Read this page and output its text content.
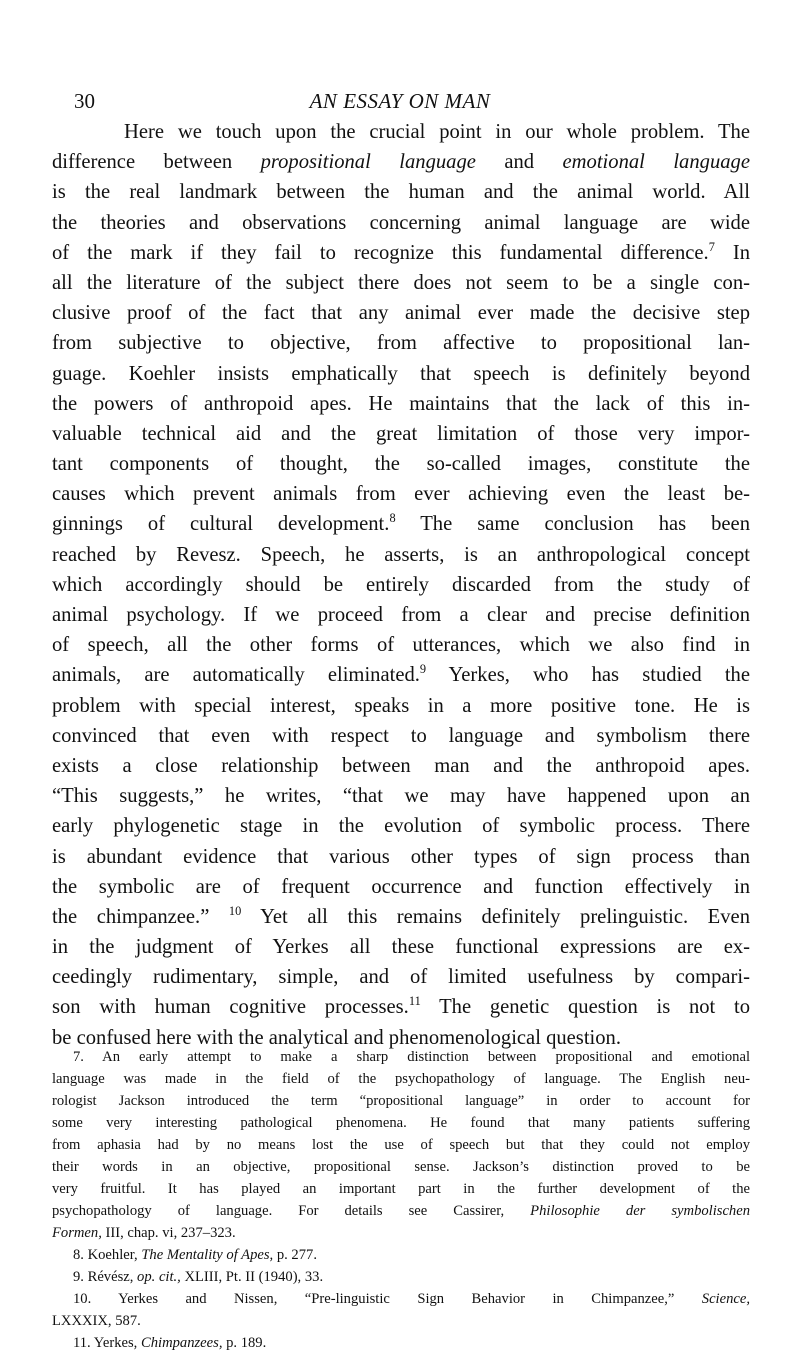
30	AN ESSAY ON MAN
Here we touch upon the crucial point in our whole problem. The
difference between propositional language and emotional language
is the real landmark between the human and the animal world. All
the theories and observations concerning animal language are wide
of the mark if they fail to recognize this fundamental difference.$^7$ In
all the literature of the subject there does not seem to be a single con-
clusive proof of the fact that any animal ever made the decisive step
from subjective to objective, from affective to propositional lan-
guage. Koehler insists emphatically that speech is definitely beyond
the powers of anthropoid apes. He maintains that the lack of this in-
valuable technical aid and the great limitation of those very impor-
tant components of thought, the so-called images, constitute the
causes which prevent animals from ever achieving even the least be-
ginnings of cultural development.$^8$ The same conclusion has been
reached by Revesz. Speech, he asserts, is an anthropological concept
which accordingly should be entirely discarded from the study of
animal psychology. If we proceed from a clear and precise definition
of speech, all the other forms of utterances, which we also find in
animals, are automatically eliminated.$^9$ Yerkes, who has studied the
problem with special interest, speaks in a more positive tone. He is
convinced that even with respect to language and symbolism there
exists a close relationship between man and the anthropoid apes.
“This suggests,” he writes, “that we may have happened upon an
early phylogenetic stage in the evolution of symbolic process. There
is abundant evidence that various other types of sign process than
the symbolic are of frequent occurrence and function effectively in
the chimpanzee.” $^{10}$ Yet all this remains definitely prelinguistic. Even
in the judgment of Yerkes all these functional expressions are ex-
ceedingly rudimentary, simple, and of limited usefulness by compari-
son with human cognitive processes.$^{11}$ The genetic question is not to
be confused here with the analytical and phenomenological question.
7. An early attempt to make a sharp distinction between propositional and emotional
language was made in the field of the psychopathology of language. The English neu-
rologist Jackson introduced the term “propositional language” in order to account for
some very interesting pathological phenomena. He found that many patients suffering
from aphasia had by no means lost the use of speech but that they could not employ
their words in an objective, propositional sense. Jackson’s distinction proved to be
very fruitful. It has played an important part in the further development of the
psychopathology of language. For details see Cassirer, Philosophie der symbolischen
Formen, III, chap. vi, 237–323.
8. Koehler, The Mentality of Apes, p. 277.
9. Révész, op. cit., XLIII, Pt. II (1940), 33.
10. Yerkes and Nissen, “Pre-linguistic Sign Behavior in Chimpanzee,” Science,
LXXXIX, 587.
11. Yerkes, Chimpanzees, p. 189.
